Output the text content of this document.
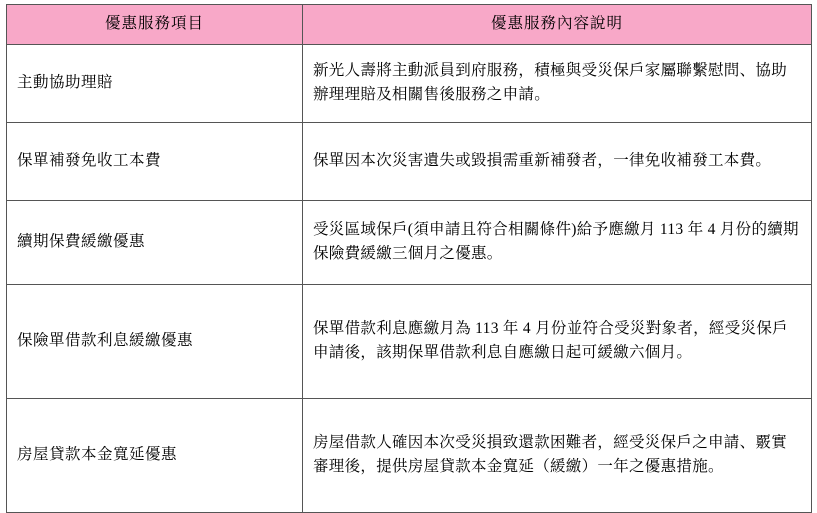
優惠服務項目	優惠服務內容說明
主動協助理賠	新光人壽將主動派員到府服務，積極與受災保戶家屬聯繫慰問、協助辦理理賠及相關售後服務之申請。
保單補發免收工本費	保單因本次災害遺失或毀損需重新補發者，一律免收補發工本費。
續期保費緩繳優惠	受災區域保戶(須申請且符合相關條件)給予應繳月 113 年 4 月份的續期保險費緩繳三個月之優惠。
保險單借款利息緩繳優惠	保單借款利息應繳月為 113 年 4 月份並符合受災對象者，經受災保戶申請後，該期保單借款利息自應繳日起可緩繳六個月。
房屋貸款本金寬延優惠	房屋借款人確因本次受災損致還款困難者，經受災保戶之申請、覈實審理後，提供房屋貸款本金寬延（緩繳）一年之優惠措施。
